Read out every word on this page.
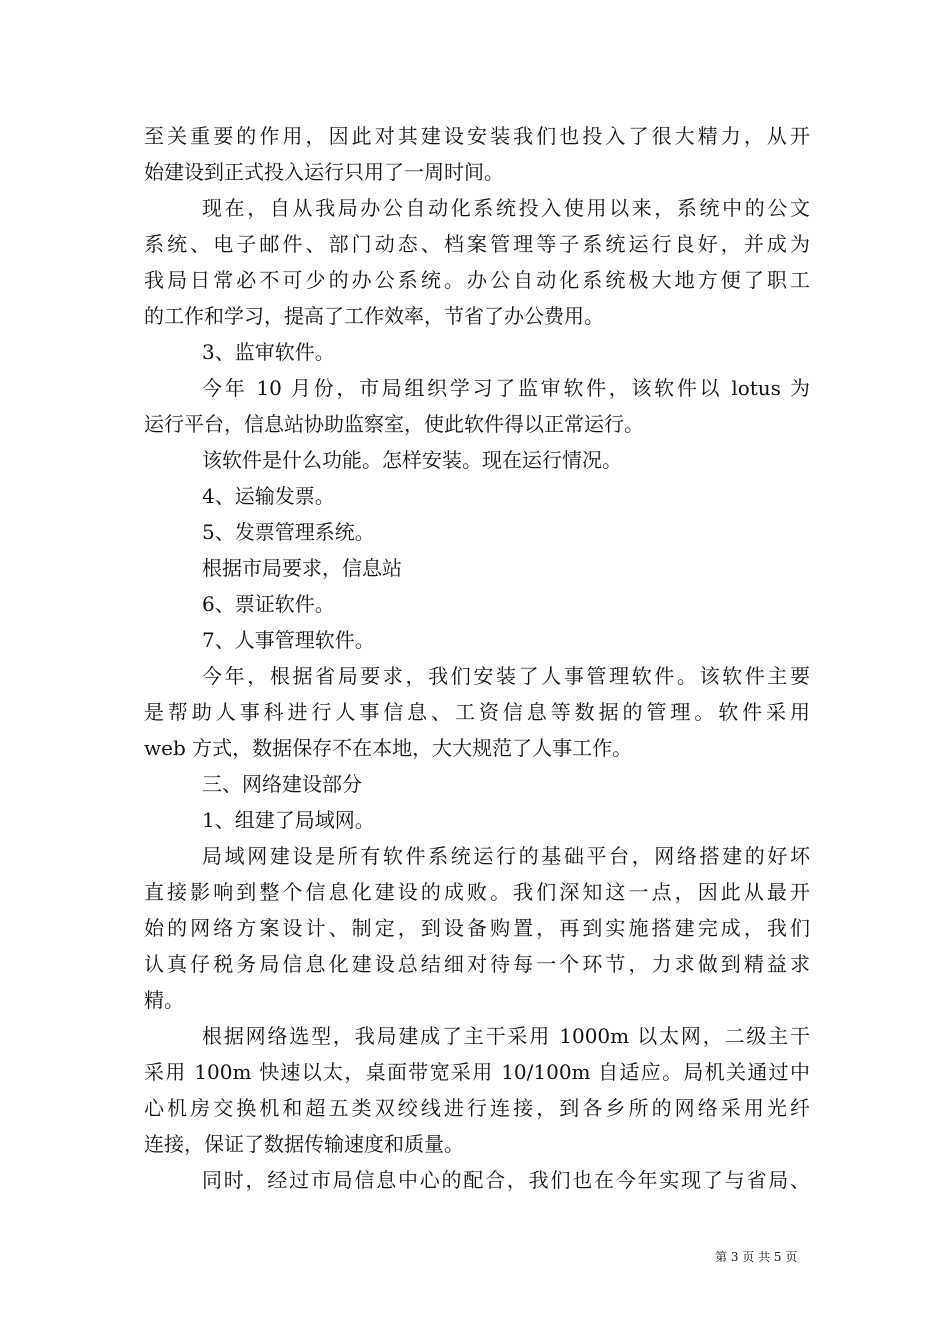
至关重要的作用，因此对其建设安装我们也投入了很大精力，从开
始建设到正式投入运行只用了一周时间。
现在，自从我局办公自动化系统投入使用以来，系统中的公文
系统、电子邮件、部门动态、档案管理等子系统运行良好，并成为
我局日常必不可少的办公系统。办公自动化系统极大地方便了职工
的工作和学习，提高了工作效率，节省了办公费用。
3、监审软件。
今年 10 月份，市局组织学习了监审软件，该软件以 lotus 为
运行平台，信息站协助监察室，使此软件得以正常运行。
该软件是什么功能。怎样安装。现在运行情况。
4、运输发票。
5、发票管理系统。
根据市局要求，信息站
6、票证软件。
7、人事管理软件。
今年，根据省局要求，我们安装了人事管理软件。该软件主要
是帮助人事科进行人事信息、工资信息等数据的管理。软件采用
web 方式，数据保存不在本地，大大规范了人事工作。
三、网络建设部分
1、组建了局域网。
局域网建设是所有软件系统运行的基础平台，网络搭建的好坏
直接影响到整个信息化建设的成败。我们深知这一点，因此从最开
始的网络方案设计、制定，到设备购置，再到实施搭建完成，我们
认真仔税务局信息化建设总结细对待每一个环节，力求做到精益求
精。
根据网络选型，我局建成了主干采用 1000m 以太网，二级主干
采用 100m 快速以太，桌面带宽采用 10/100m 自适应。局机关通过中
心机房交换机和超五类双绞线进行连接，到各乡所的网络采用光纤
连接，保证了数据传输速度和质量。
同时，经过市局信息中心的配合，我们也在今年实现了与省局、
第 3 页 共 5 页
